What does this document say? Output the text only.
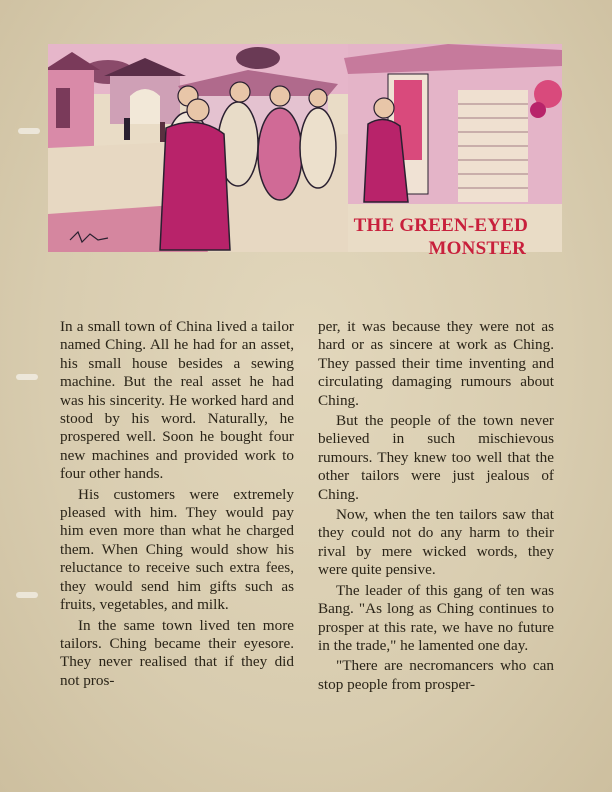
THE GREEN-EYED
MONSTER

In a small town of China lived a tailor named Ching. All he had for an asset, his small house besides a sewing machine. But the real asset he had was his sincerity. He worked hard and stood by his word. Naturally, he prospered well. Soon he bought four new machines and provided work to four other hands.

His customers were extremely pleased with him. They would pay him even more than what he charged them. When Ching would show his reluctance to receive such extra fees, they would send him gifts such as fruits, vegetables, and milk.

In the same town lived ten more tailors. Ching became their eyesore. They never realised that if they did not pros-

per, it was because they were not as hard or as sincere at work as Ching. They passed their time inventing and circulating damaging rumours about Ching.

But the people of the town never believed in such mischievous rumours. They knew too well that the other tailors were just jealous of Ching.

Now, when the ten tailors saw that they could not do any harm to their rival by mere wicked words, they were quite pensive.

The leader of this gang of ten was Bang. "As long as Ching continues to prosper at this rate, we have no future in the trade," he lamented one day.

"There are necromancers who can stop people from prosper-
